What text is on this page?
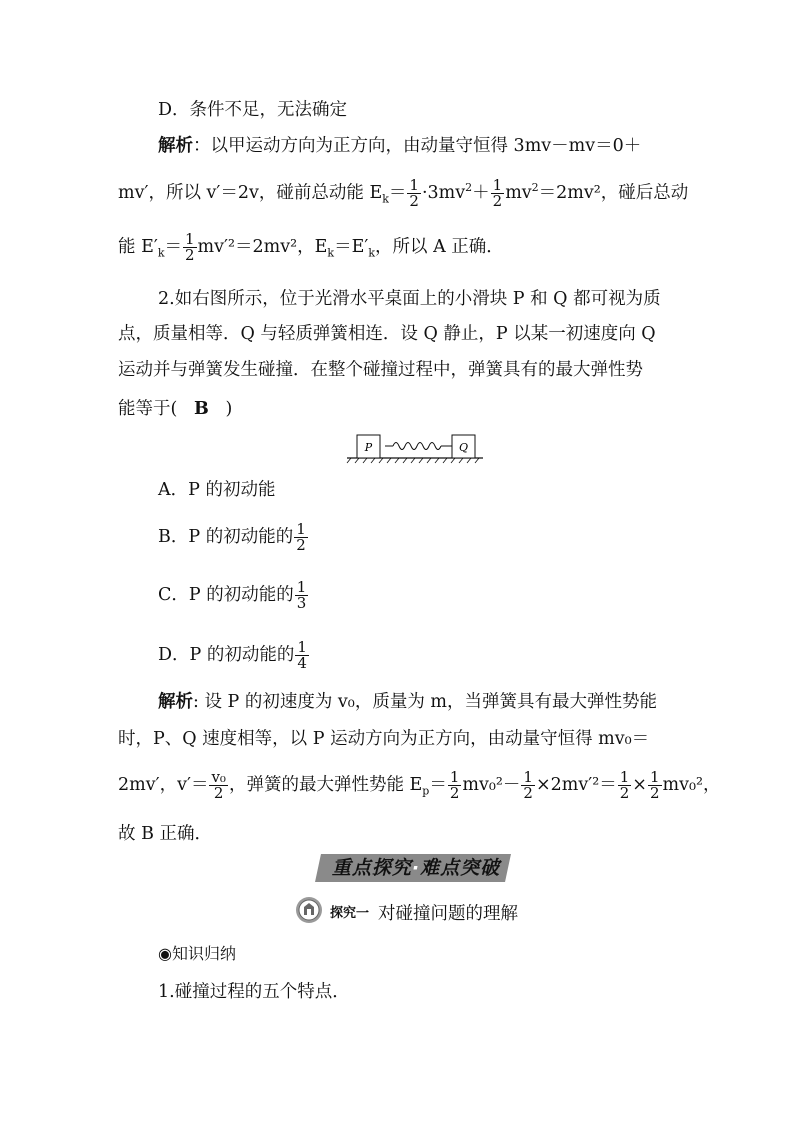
D．条件不足，无法确定
解析：以甲运动方向为正方向，由动量守恒得 3mv－mv＝0＋
mv′，所以 v′＝2v，碰前总动能 $E_k= \frac{1}{2} \cdot 3mv^2+ \frac{1}{2} mv^2=2mv^2$，碰后总动
能 $E'_k= \frac{1}{2} mv'^2=2mv^2$，$E_k=E'_k$，所以 A 正确．
2.如右图所示，位于光滑水平桌面上的小滑块 P 和 Q 都可视为质
点，质量相等．Q 与轻质弹簧相连．设 Q 静止，P 以某一初速度向 Q
运动并与弹簧发生碰撞．在整个碰撞过程中，弹簧具有的最大弹性势
能等于( B )
P	Q
A．P 的初动能
B．P 的初动能的 $\frac{1}{2}$
C．P 的初动能的 $\frac{1}{3}$
D．P 的初动能的 $\frac{1}{4}$
解析: 设 P 的初速度为 v₀，质量为 m，当弹簧具有最大弹性势能
时，P、Q 速度相等，以 P 运动方向为正方向，由动量守恒得 mv₀＝
2mv′，$v'= \frac{\text{v₀}}{2}$ ，弹簧的最大弹性势能 $E_p= \frac{1}{2} mv_0^2- \frac{1}{2} \times 2mv'^2= \frac{1}{2} \times \frac{1}{2} mv_0^2$，
故 B 正确．
重点探究·难点突破
探究一 对碰撞问题的理解
◉知识归纳
1.碰撞过程的五个特点．
